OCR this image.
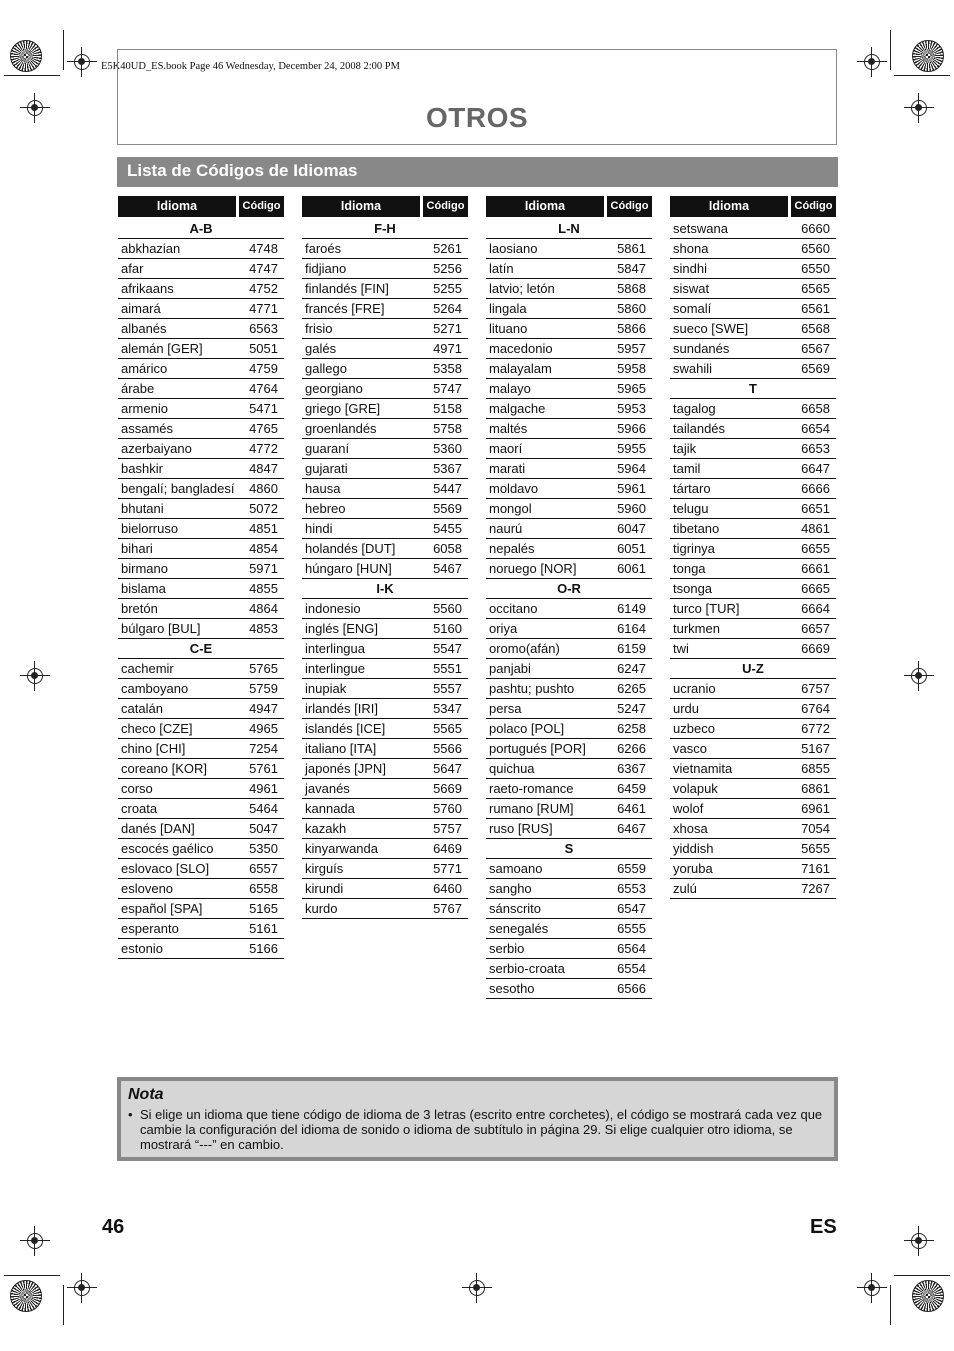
E5K40UD_ES.book Page 46 Wednesday, December 24, 2008 2:00 PM
OTROS
Lista de Códigos de Idiomas
Idioma	Código
A-B
abkhazian	4748
afar	4747
afrikaans	4752
aimará	4771
albanés	6563
alemán [GER]	5051
amárico	4759
árabe	4764
armenio	5471
assamés	4765
azerbaiyano	4772
bashkir	4847
bengalí; bangladesí	4860
bhutani	5072
bielorruso	4851
bihari	4854
birmano	5971
bislama	4855
bretón	4864
búlgaro [BUL]	4853
C-E
cachemir	5765
camboyano	5759
catalán	4947
checo [CZE]	4965
chino [CHI]	7254
coreano [KOR]	5761
corso	4961
croata	5464
danés [DAN]	5047
escocés gaélico	5350
eslovaco [SLO]	6557
esloveno	6558
español [SPA]	5165
esperanto	5161
estonio	5166
Idioma	Código
F-H
faroés	5261
fidjiano	5256
finlandés [FIN]	5255
francés [FRE]	5264
frisio	5271
galés	4971
gallego	5358
georgiano	5747
griego [GRE]	5158
groenlandés	5758
guaraní	5360
gujarati	5367
hausa	5447
hebreo	5569
hindi	5455
holandés [DUT]	6058
húngaro [HUN]	5467
I-K
indonesio	5560
inglés [ENG]	5160
interlingua	5547
interlingue	5551
inupiak	5557
irlandés [IRI]	5347
islandés [ICE]	5565
italiano [ITA]	5566
japonés [JPN]	5647
javanés	5669
kannada	5760
kazakh	5757
kinyarwanda	6469
kirguís	5771
kirundi	6460
kurdo	5767
Idioma	Código
L-N
laosiano	5861
latín	5847
latvio; letón	5868
lingala	5860
lituano	5866
macedonio	5957
malayalam	5958
malayo	5965
malgache	5953
maltés	5966
maorí	5955
marati	5964
moldavo	5961
mongol	5960
naurú	6047
nepalés	6051
noruego [NOR]	6061
O-R
occitano	6149
oriya	6164
oromo(afán)	6159
panjabi	6247
pashtu; pushto	6265
persa	5247
polaco [POL]	6258
portugués [POR]	6266
quichua	6367
raeto-romance	6459
rumano [RUM]	6461
ruso [RUS]	6467
S
samoano	6559
sangho	6553
sánscrito	6547
senegalés	6555
serbio	6564
serbio-croata	6554
sesotho	6566
Idioma	Código
setswana	6660
shona	6560
sindhi	6550
siswat	6565
somalí	6561
sueco [SWE]	6568
sundanés	6567
swahili	6569
T
tagalog	6658
tailandés	6654
tajik	6653
tamil	6647
tártaro	6666
telugu	6651
tibetano	4861
tigrinya	6655
tonga	6661
tsonga	6665
turco [TUR]	6664
turkmen	6657
twi	6669
U-Z
ucranio	6757
urdu	6764
uzbeco	6772
vasco	5167
vietnamita	6855
volapuk	6861
wolof	6961
xhosa	7054
yiddish	5655
yoruba	7161
zulú	7267
Nota
• Si elige un idioma que tiene código de idioma de 3 letras (escrito entre corchetes), el código se mostrará cada vez que cambie la configuración del idioma de sonido o idioma de subtítulo in página 29. Si elige cualquier otro idioma, se mostrará “---” en cambio.
46	ES
